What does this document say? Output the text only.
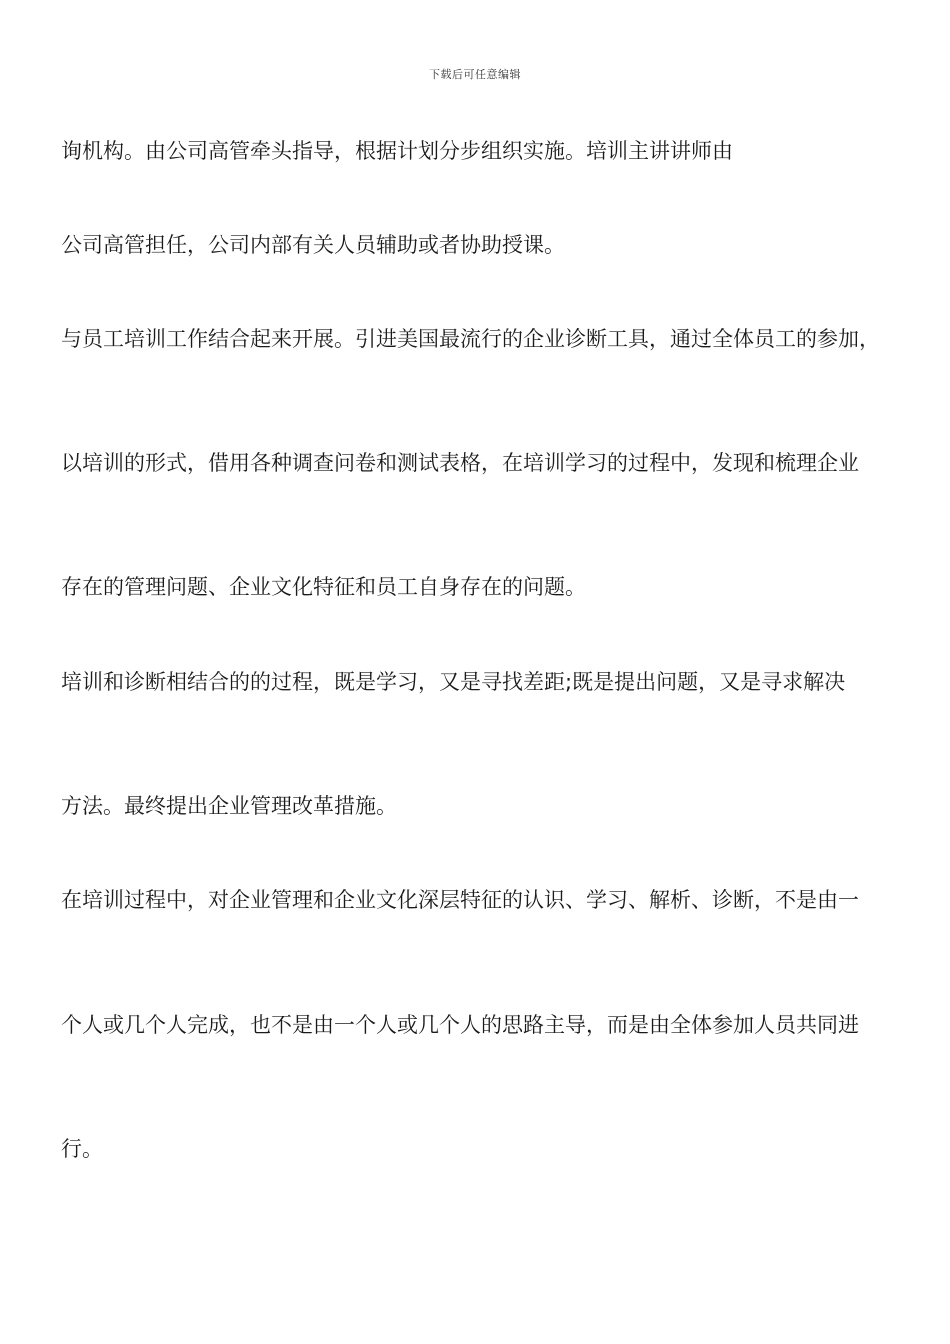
下载后可任意编辑
询机构。由公司高管牵头指导，根据计划分步组织实施。培训主讲讲师由
公司高管担任，公司内部有关人员辅助或者协助授课。
与员工培训工作结合起来开展。引进美国最流行的企业诊断工具，通过全体员工的参加，
以培训的形式，借用各种调查问卷和测试表格，在培训学习的过程中，发现和梳理企业
存在的管理问题、企业文化特征和员工自身存在的问题。
培训和诊断相结合的的过程，既是学习，又是寻找差距;既是提出问题，又是寻求解决
方法。最终提出企业管理改革措施。
在培训过程中，对企业管理和企业文化深层特征的认识、学习、解析、诊断，不是由一
个人或几个人完成，也不是由一个人或几个人的思路主导，而是由全体参加人员共同进
行。
